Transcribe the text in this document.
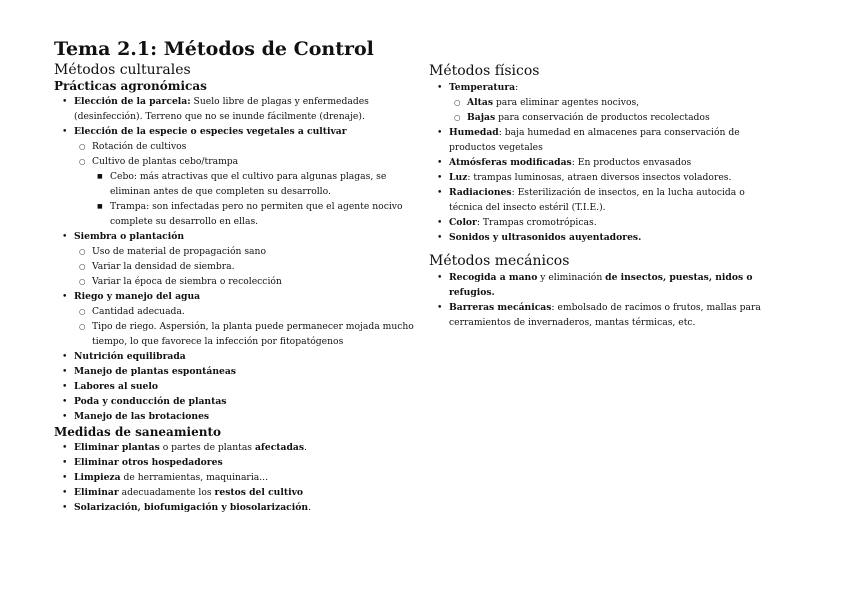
Tema 2.1: Métodos de Control
Métodos culturales
Prácticas agronómicas
• Elección de la parcela: Suelo libre de plagas y enfermedades (desinfección). Terreno que no se inunde fácilmente (drenaje).
• Elección de la especie o especies vegetales a cultivar
○ Rotación de cultivos
○ Cultivo de plantas cebo/trampa
■ Cebo: más atractivas que el cultivo para algunas plagas, se eliminan antes de que completen su desarrollo.
■ Trampa: son infectadas pero no permiten que el agente nocivo complete su desarrollo en ellas.
• Siembra o plantación
○ Uso de material de propagación sano
○ Variar la densidad de siembra.
○ Variar la época de siembra o recolección
• Riego y manejo del agua
○ Cantidad adecuada.
○ Tipo de riego. Aspersión, la planta puede permanecer mojada mucho tiempo, lo que favorece la infección por fitopatógenos
• Nutrición equilibrada
• Manejo de plantas espontáneas
• Labores al suelo
• Poda y conducción de plantas
• Manejo de las brotaciones
Medidas de saneamiento
• Eliminar plantas o partes de plantas afectadas.
• Eliminar otros hospedadores
• Limpieza de herramientas, maquinaria...
• Eliminar adecuadamente los restos del cultivo
• Solarización, biofumigación y biosolarización.
Métodos físicos
• Temperatura:
○ Altas para eliminar agentes nocivos,
○ Bajas para conservación de productos recolectados
• Humedad: baja humedad en almacenes para conservación de productos vegetales
• Atmósferas modificadas: En productos envasados
• Luz: trampas luminosas, atraen diversos insectos voladores.
• Radiaciones: Esterilización de insectos, en la lucha autocida o técnica del insecto estéril (T.I.E.).
• Color: Trampas cromotrópicas.
• Sonidos y ultrasonidos auyentadores.
Métodos mecánicos
• Recogida a mano y eliminación de insectos, puestas, nidos o refugios.
• Barreras mecánicas: embolsado de racimos o frutos, mallas para cerramientos de invernaderos, mantas térmicas, etc.
